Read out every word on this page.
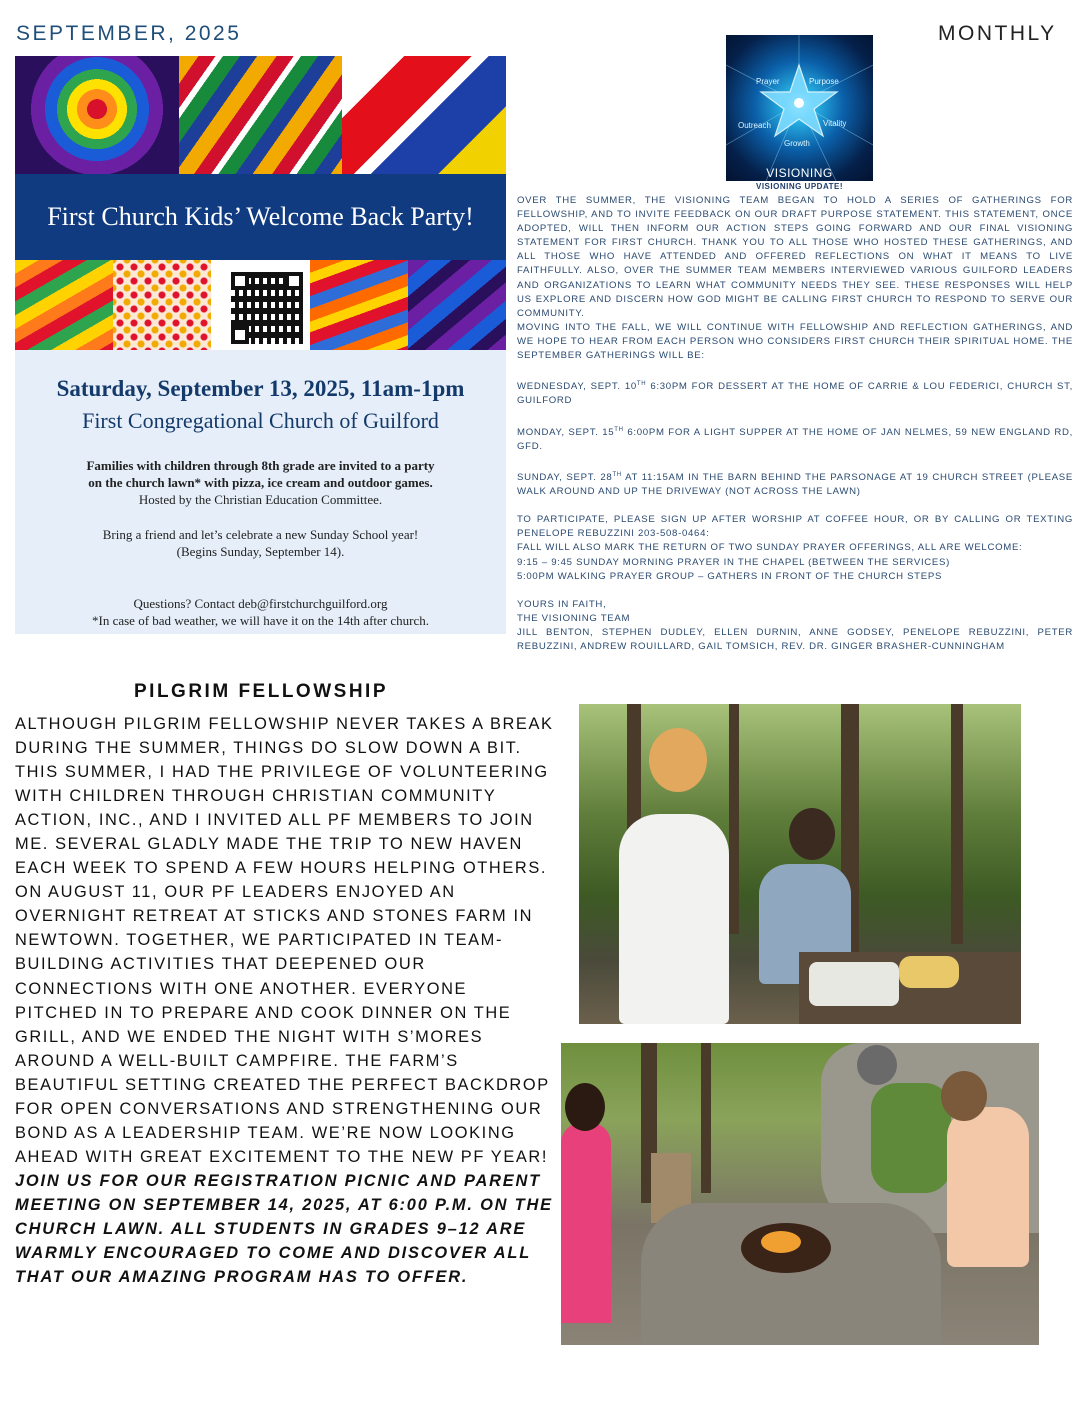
SEPTEMBER, 2025	MONTHLY
First Church Kids’ Welcome Back Party!
Saturday, September 13, 2025, 11am-1pm
First Congregational Church of Guilford
Families with children through 8th grade are invited to a party
on the church lawn* with pizza, ice cream and outdoor games.
Hosted by the Christian Education Committee.
Bring a friend and let’s celebrate a new Sunday School year!
(Begins Sunday, September 14).
Questions? Contact deb@firstchurchguilford.org
*In case of bad weather, we will have it on the 14th after church.
Prayer	Purpose
Outreach	Vitality
Growth
VISIONING
VISIONING UPDATE!

OVER THE SUMMER, THE VISIONING TEAM BEGAN TO HOLD A SERIES OF GATHERINGS FOR FELLOWSHIP, AND TO INVITE FEEDBACK ON OUR DRAFT PURPOSE STATEMENT. THIS STATEMENT, ONCE ADOPTED, WILL THEN INFORM OUR ACTION STEPS GOING FORWARD AND OUR FINAL VISIONING STATEMENT FOR FIRST CHURCH. THANK YOU TO ALL THOSE WHO HOSTED THESE GATHERINGS, AND ALL THOSE WHO HAVE ATTENDED AND OFFERED REFLECTIONS ON WHAT IT MEANS TO LIVE FAITHFULLY. ALSO, OVER THE SUMMER TEAM MEMBERS INTERVIEWED VARIOUS GUILFORD LEADERS AND ORGANIZATIONS TO LEARN WHAT COMMUNITY NEEDS THEY SEE. THESE RESPONSES WILL HELP US EXPLORE AND DISCERN HOW GOD MIGHT BE CALLING FIRST CHURCH TO RESPOND TO SERVE OUR COMMUNITY.

MOVING INTO THE FALL, WE WILL CONTINUE WITH FELLOWSHIP AND REFLECTION GATHERINGS, AND WE HOPE TO HEAR FROM EACH PERSON WHO CONSIDERS FIRST CHURCH THEIR SPIRITUAL HOME. THE SEPTEMBER GATHERINGS WILL BE:

WEDNESDAY, SEPT. 10TH 6:30PM FOR DESSERT AT THE HOME OF CARRIE & LOU FEDERICI, CHURCH ST, GUILFORD

MONDAY, SEPT. 15TH 6:00PM FOR A LIGHT SUPPER AT THE HOME OF JAN NELMES, 59 NEW ENGLAND RD, GFD.

SUNDAY, SEPT. 28TH AT 11:15AM IN THE BARN BEHIND THE PARSONAGE AT 19 CHURCH STREET (PLEASE WALK AROUND AND UP THE DRIVEWAY (NOT ACROSS THE LAWN)

TO PARTICIPATE, PLEASE SIGN UP AFTER WORSHIP AT COFFEE HOUR, OR BY CALLING OR TEXTING PENELOPE REBUZZINI 203-508-0464:

FALL WILL ALSO MARK THE RETURN OF TWO SUNDAY PRAYER OFFERINGS, ALL ARE WELCOME:

9:15 – 9:45 SUNDAY MORNING PRAYER IN THE CHAPEL (BETWEEN THE SERVICES)

5:00PM WALKING PRAYER GROUP – GATHERS IN FRONT OF THE CHURCH STEPS

YOURS IN FAITH,

THE VISIONING TEAM

JILL BENTON, STEPHEN DUDLEY, ELLEN DURNIN, ANNE GODSEY, PENELOPE REBUZZINI, PETER REBUZZINI, ANDREW ROUILLARD, GAIL TOMSICH, REV. DR. GINGER BRASHER-CUNNINGHAM

PILGRIM FELLOWSHIP

ALTHOUGH PILGRIM FELLOWSHIP NEVER TAKES A BREAK DURING THE SUMMER, THINGS DO SLOW DOWN A BIT. THIS SUMMER, I HAD THE PRIVILEGE OF VOLUNTEERING WITH CHILDREN THROUGH CHRISTIAN COMMUNITY ACTION, INC., AND I INVITED ALL PF MEMBERS TO JOIN ME. SEVERAL GLADLY MADE THE TRIP TO NEW HAVEN EACH WEEK TO SPEND A FEW HOURS HELPING OTHERS.

ON AUGUST 11, OUR PF LEADERS ENJOYED AN OVERNIGHT RETREAT AT STICKS AND STONES FARM IN NEWTOWN. TOGETHER, WE PARTICIPATED IN TEAM-BUILDING ACTIVITIES THAT DEEPENED OUR CONNECTIONS WITH ONE ANOTHER. EVERYONE PITCHED IN TO PREPARE AND COOK DINNER ON THE GRILL, AND WE ENDED THE NIGHT WITH S’MORES AROUND A WELL-BUILT CAMPFIRE. THE FARM’S BEAUTIFUL SETTING CREATED THE PERFECT BACKDROP FOR OPEN CONVERSATIONS AND STRENGTHENING OUR BOND AS A LEADERSHIP TEAM. WE’RE NOW LOOKING AHEAD WITH GREAT EXCITEMENT TO THE NEW PF YEAR!

JOIN US FOR OUR REGISTRATION PICNIC AND PARENT MEETING ON SEPTEMBER 14, 2025, AT 6:00 P.M. ON THE CHURCH LAWN. ALL STUDENTS IN GRADES 9–12 ARE WARMLY ENCOURAGED TO COME AND DISCOVER ALL THAT OUR AMAZING PROGRAM HAS TO OFFER.
